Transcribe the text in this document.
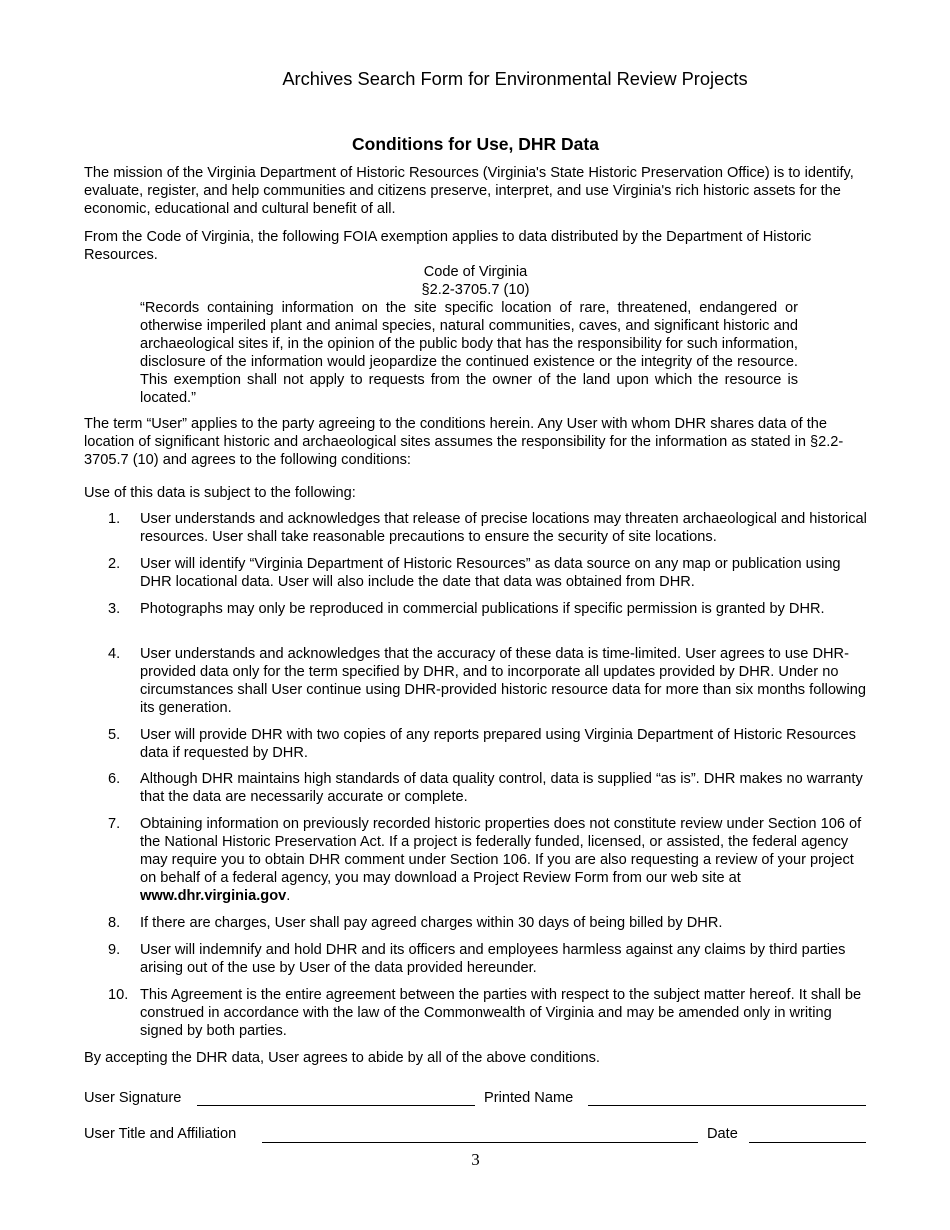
Archives Search Form for Environmental Review Projects
Conditions for Use, DHR Data

The mission of the Virginia Department of Historic Resources (Virginia's State Historic Preservation Office) is to identify, evaluate, register, and help communities and citizens preserve, interpret, and use Virginia's rich historic assets for the economic, educational and cultural benefit of all.

From the Code of Virginia, the following FOIA exemption applies to data distributed by the Department of Historic Resources.

Code of Virginia
§2.2-3705.7 (10)

“Records containing information on the site specific location of rare, threatened, endangered or otherwise imperiled plant and animal species, natural communities, caves, and significant historic and archaeological sites if, in the opinion of the public body that has the responsibility for such information, disclosure of the information would jeopardize the continued existence or the integrity of the resource. This exemption shall not apply to requests from the owner of the land upon which the resource is located.”

The term “User” applies to the party agreeing to the conditions herein. Any User with whom DHR shares data of the location of significant historic and archaeological sites assumes the responsibility for the information as stated in §2.2-3705.7 (10) and agrees to the following conditions:

Use of this data is subject to the following:

1.	User understands and acknowledges that release of precise locations may threaten archaeological and historical resources. User shall take reasonable precautions to ensure the security of site locations.
2.	User will identify “Virginia Department of Historic Resources” as data source on any map or publication using DHR locational data. User will also include the date that data was obtained from DHR.
3.	Photographs may only be reproduced in commercial publications if specific permission is granted by DHR.
4.	User understands and acknowledges that the accuracy of these data is time-limited. User agrees to use DHR-provided data only for the term specified by DHR, and to incorporate all updates provided by DHR. Under no circumstances shall User continue using DHR-provided historic resource data for more than six months following its generation.
5.	User will provide DHR with two copies of any reports prepared using Virginia Department of Historic Resources data if requested by DHR.
6.	Although DHR maintains high standards of data quality control, data is supplied “as is”. DHR makes no warranty that the data are necessarily accurate or complete.
7.	Obtaining information on previously recorded historic properties does not constitute review under Section 106 of the National Historic Preservation Act. If a project is federally funded, licensed, or assisted, the federal agency may require you to obtain DHR comment under Section 106. If you are also requesting a review of your project on behalf of a federal agency, you may download a Project Review Form from our web site at www.dhr.virginia.gov.
8.	If there are charges, User shall pay agreed charges within 30 days of being billed by DHR.
9.	User will indemnify and hold DHR and its officers and employees harmless against any claims by third parties arising out of the use by User of the data provided hereunder.
10. This Agreement is the entire agreement between the parties with respect to the subject matter hereof. It shall be construed in accordance with the law of the Commonwealth of Virginia and may be amended only in writing signed by both parties.

By accepting the DHR data, User agrees to abide by all of the above conditions.

User Signature	Printed Name
User Title and Affiliation	Date
3
